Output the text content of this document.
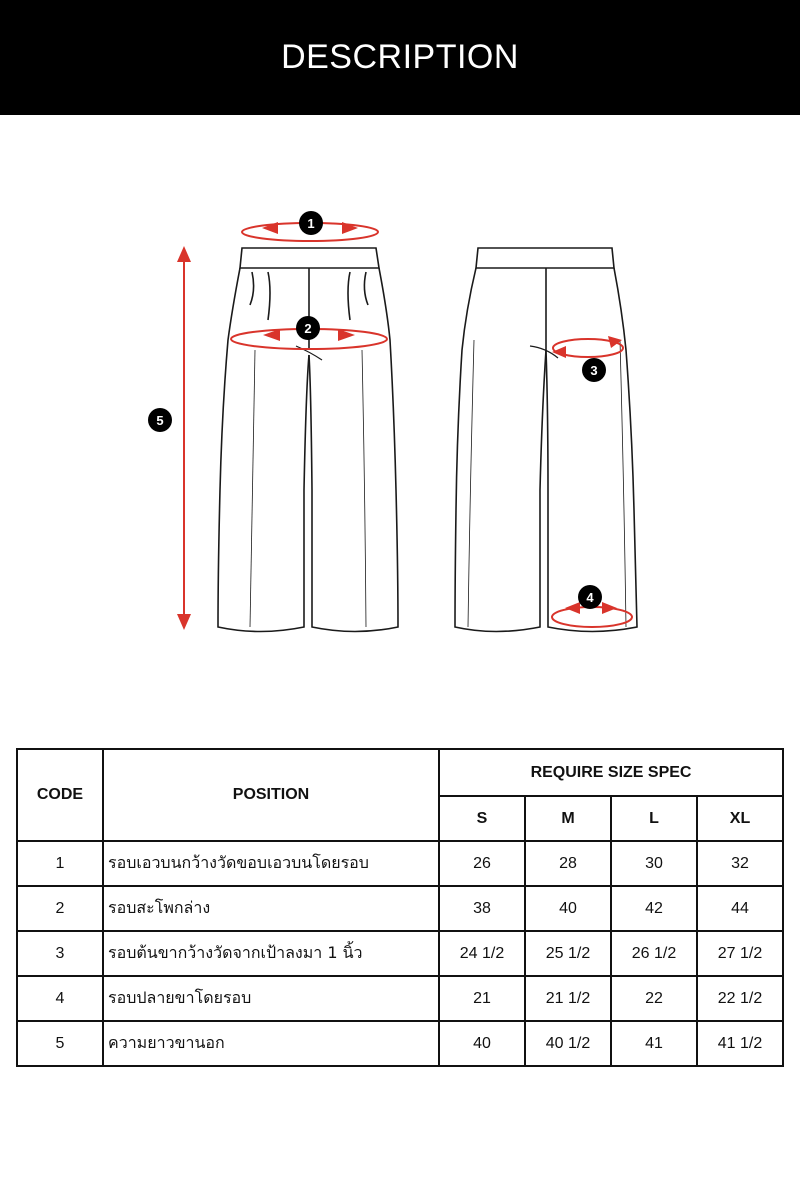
DESCRIPTION
1
2
3
4
5
CODE	POSITION	REQUIRE SIZE SPEC			
		S	M	L	XL
1	รอบเอวบนกว้างวัดขอบเอวบนโดยรอบ	26	28	30	32
2	รอบสะโพกล่าง	38	40	42	44
3	รอบต้นขากว้างวัดจากเป้าลงมา 1 นิ้ว	24 1/2	25 1/2	26 1/2	27 1/2
4	รอบปลายขาโดยรอบ	21	21 1/2	22	22 1/2
5	ความยาวขานอก	40	40 1/2	41	41 1/2
